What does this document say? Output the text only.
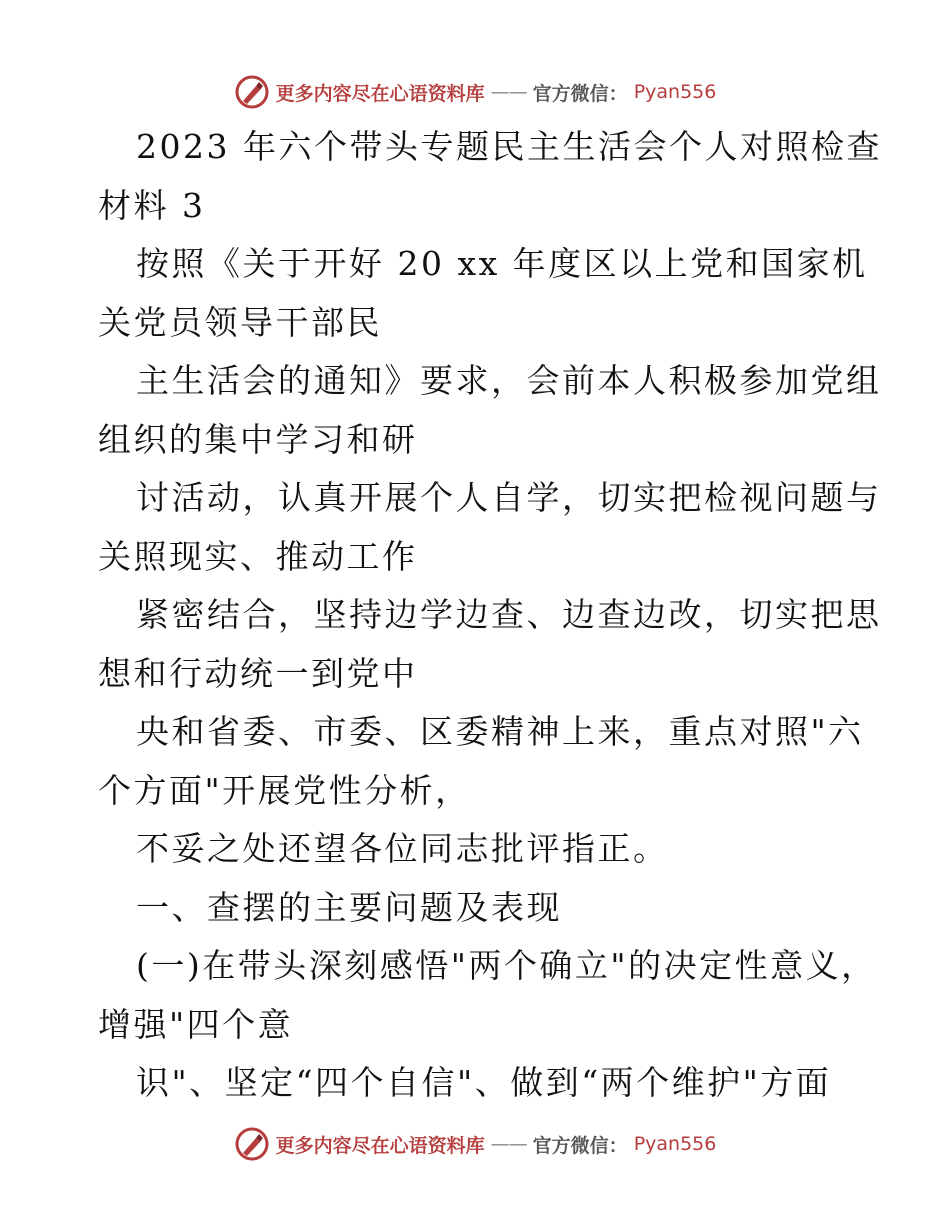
更多内容尽在心语资料库 —— 官方微信： Pyan556
2023 年六个带头专题民主生活会个人对照检查
材料 3
按照《关于开好 20 xx 年度区以上党和国家机
关党员领导干部民
主生活会的通知》要求，会前本人积极参加党组
组织的集中学习和研
讨活动，认真开展个人自学，切实把检视问题与
关照现实、推动工作
紧密结合，坚持边学边查、边查边改，切实把思
想和行动统一到党中
央和省委、市委、区委精神上来，重点对照"六
个方面"开展党性分析，
不妥之处还望各位同志批评指正。
一、查摆的主要问题及表现
(一)在带头深刻感悟"两个确立"的决定性意义，
增强"四个意
识"、坚定“四个自信"、做到“两个维护"方面
更多内容尽在心语资料库 —— 官方微信： Pyan556
